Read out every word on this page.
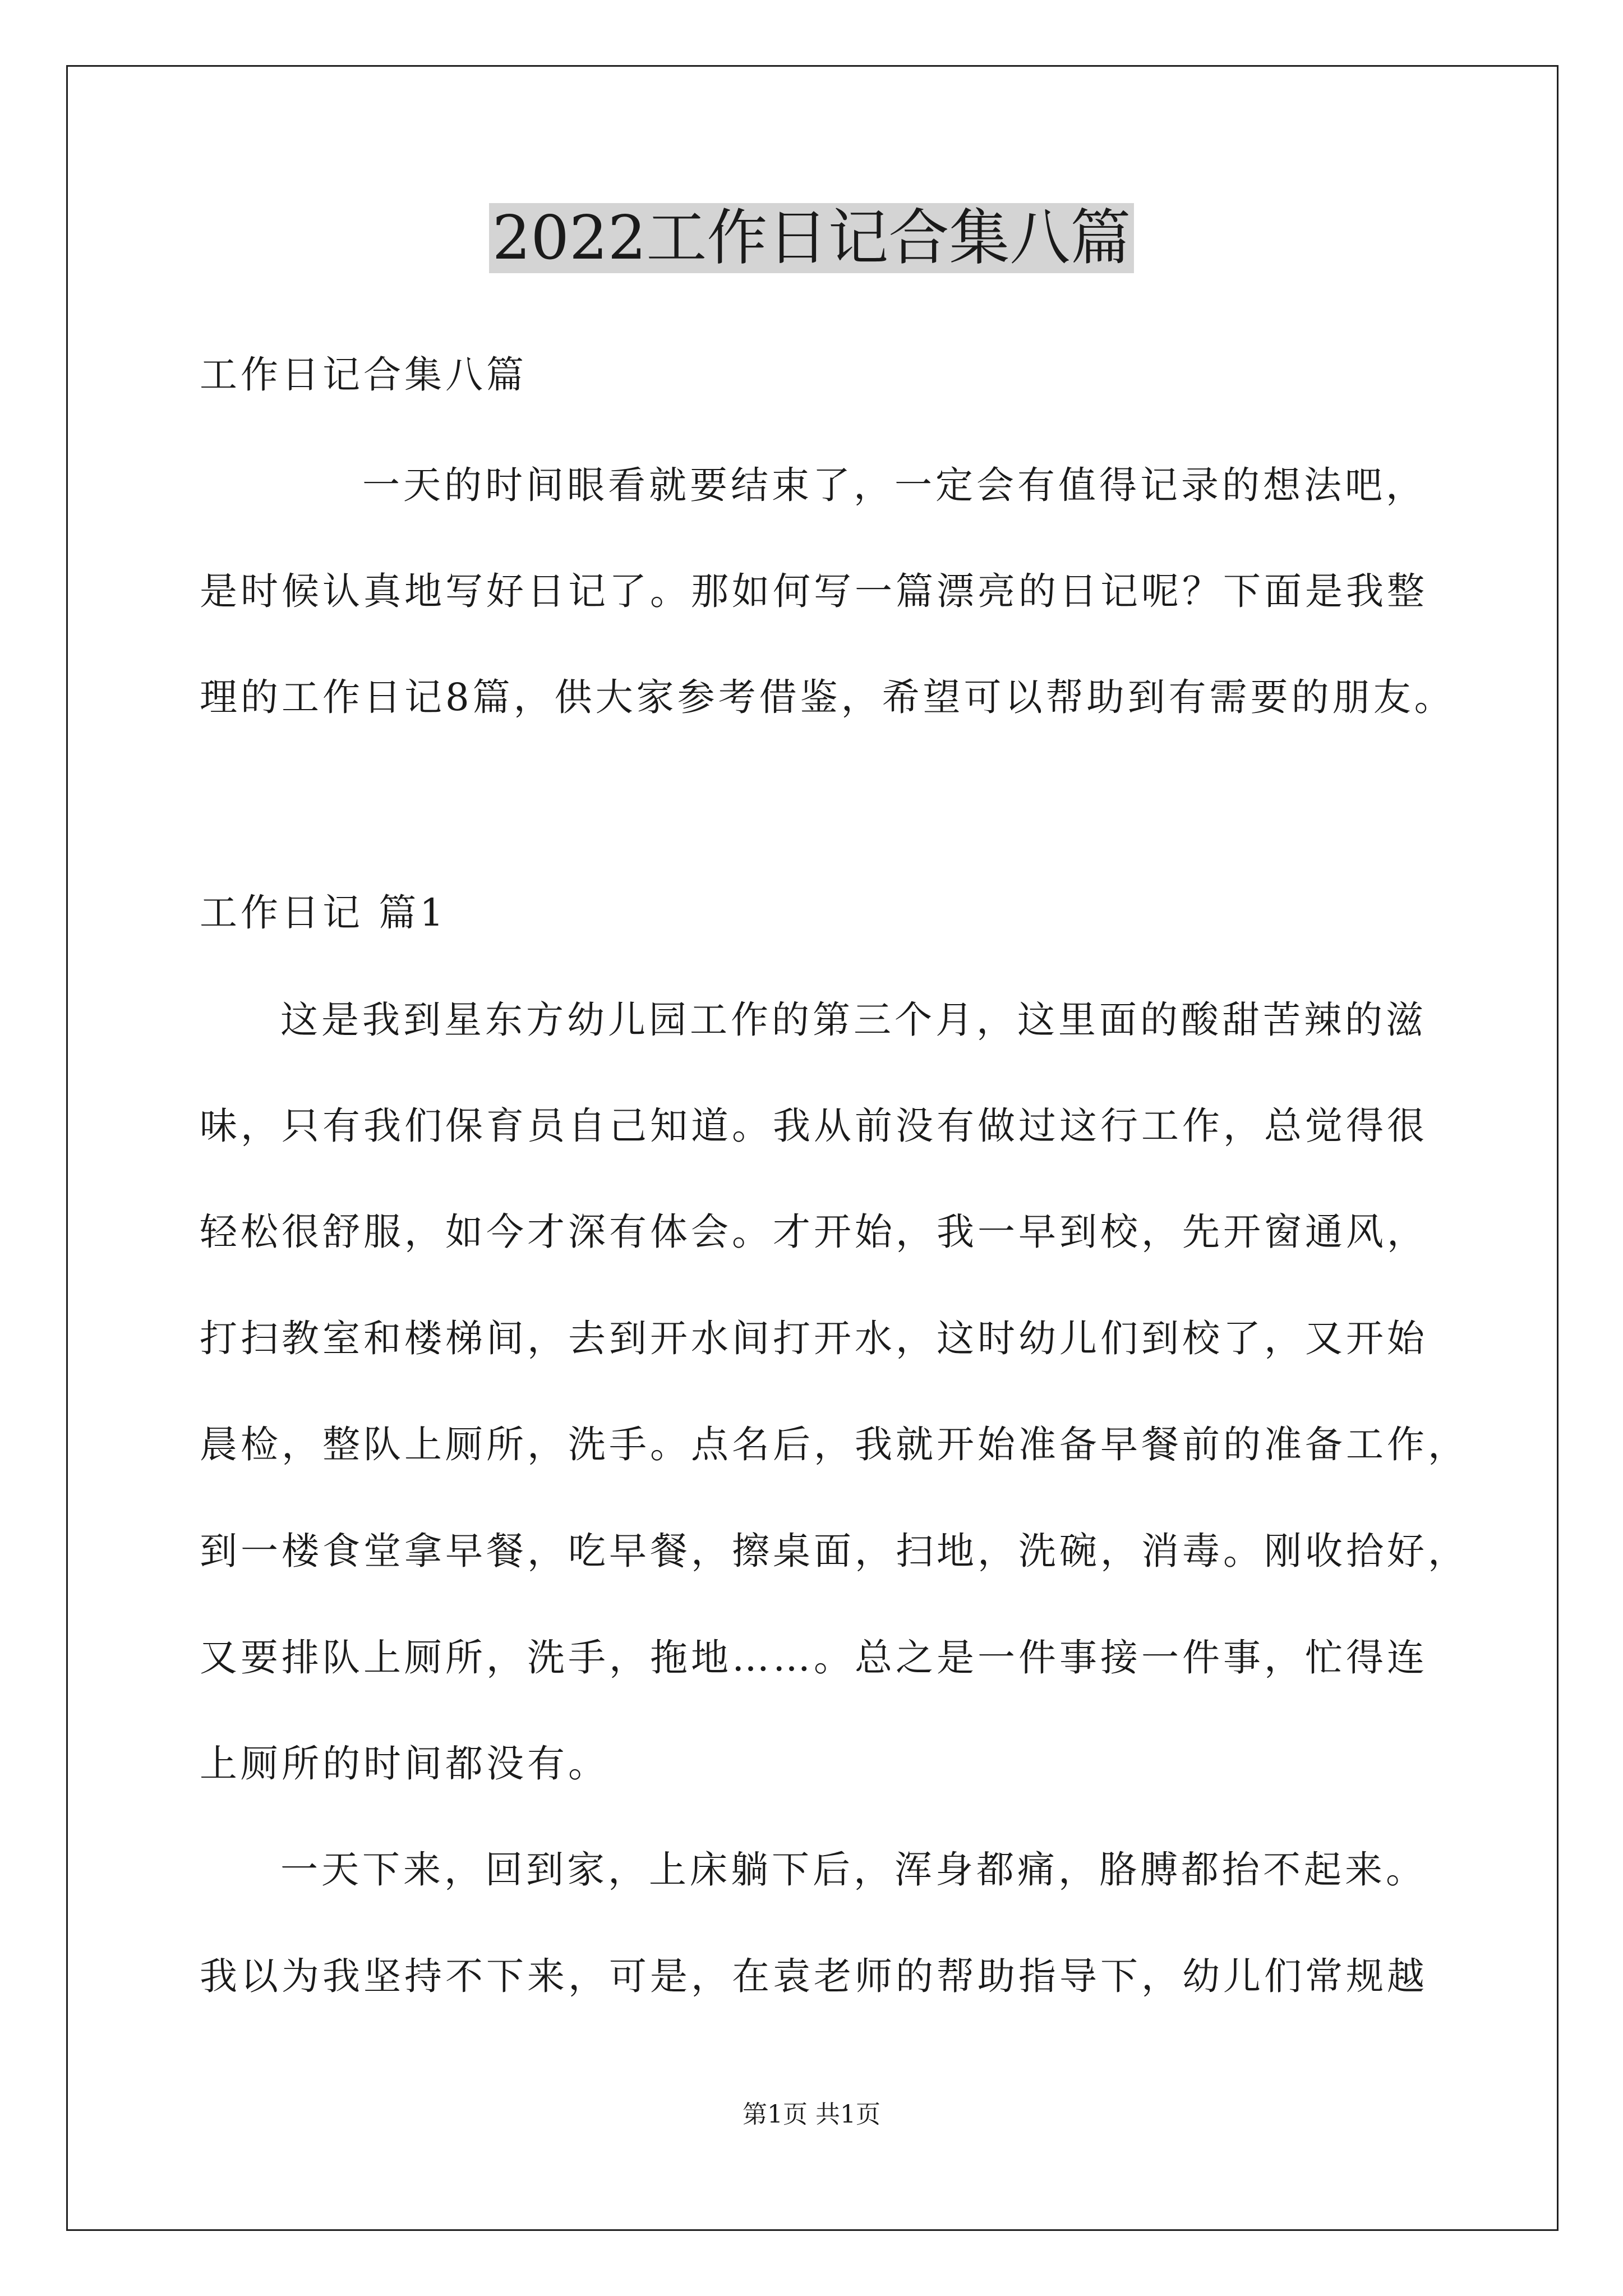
2022工作日记合集八篇
工作日记合集八篇
一天的时间眼看就要结束了，一定会有值得记录的想法吧，
是时候认真地写好日记了。那如何写一篇漂亮的日记呢？下面是我整
理的工作日记8篇，供大家参考借鉴，希望可以帮助到有需要的朋友。
工作日记 篇1
这是我到星东方幼儿园工作的第三个月，这里面的酸甜苦辣的滋
味，只有我们保育员自己知道。我从前没有做过这行工作，总觉得很
轻松很舒服，如今才深有体会。才开始，我一早到校，先开窗通风，
打扫教室和楼梯间，去到开水间打开水，这时幼儿们到校了，又开始
晨检，整队上厕所，洗手。点名后，我就开始准备早餐前的准备工作，
到一楼食堂拿早餐，吃早餐，擦桌面，扫地，洗碗，消毒。刚收拾好，
又要排队上厕所，洗手，拖地……。总之是一件事接一件事，忙得连
上厕所的时间都没有。
一天下来，回到家，上床躺下后，浑身都痛，胳膊都抬不起来。
我以为我坚持不下来，可是，在袁老师的帮助指导下，幼儿们常规越
第1页 共1页
